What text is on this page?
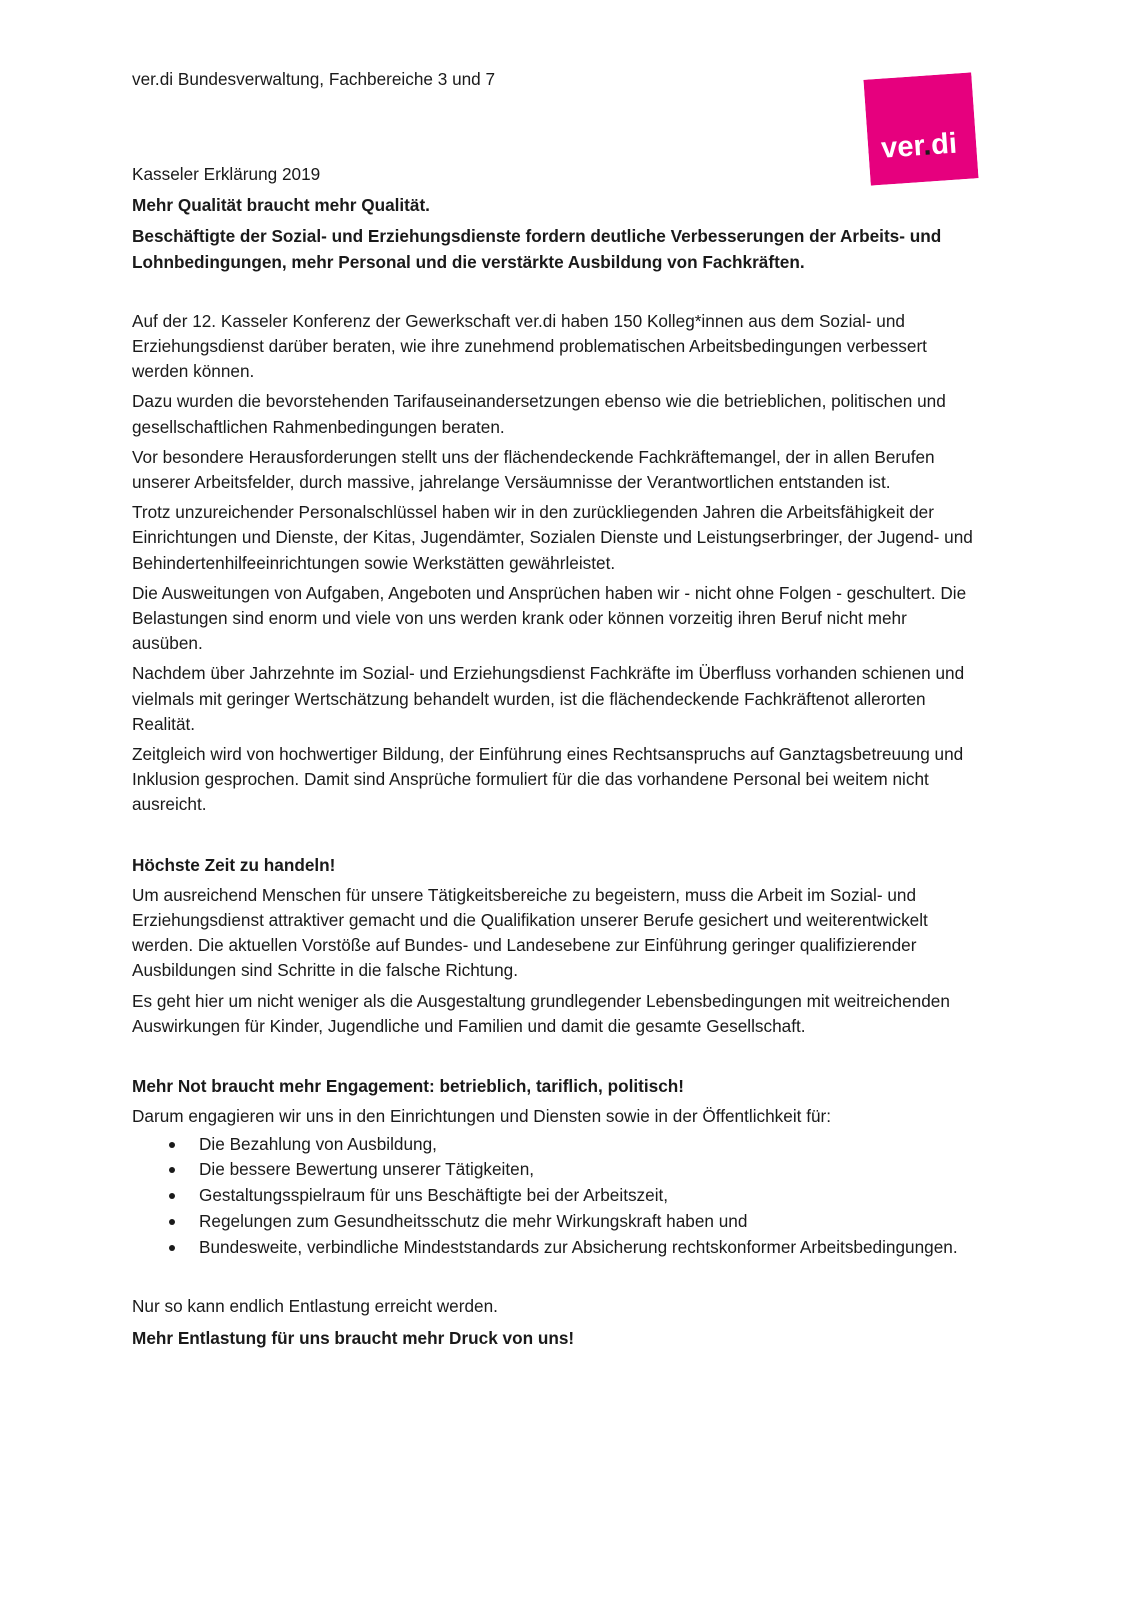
ver.di Bundesverwaltung, Fachbereiche 3 und 7
ver.di

Kasseler Erklärung 2019

Mehr Qualität braucht mehr Qualität.

Beschäftigte der Sozial- und Erziehungsdienste fordern deutliche Verbesserungen der Arbeits- und Lohnbedingungen, mehr Personal und die verstärkte Ausbildung von Fachkräften.

Auf der 12. Kasseler Konferenz der Gewerkschaft ver.di haben 150 Kolleg*innen aus dem Sozial- und Erziehungsdienst darüber beraten, wie ihre zunehmend problematischen Arbeitsbedingungen verbessert werden können.

Dazu wurden die bevorstehenden Tarifauseinandersetzungen ebenso wie die betrieblichen, politischen und gesellschaftlichen Rahmenbedingungen beraten.

Vor besondere Herausforderungen stellt uns der flächendeckende Fachkräftemangel, der in allen Berufen unserer Arbeitsfelder, durch massive, jahrelange Versäumnisse der Verantwortlichen entstanden ist.

Trotz unzureichender Personalschlüssel haben wir in den zurückliegenden Jahren die Arbeitsfähigkeit der Einrichtungen und Dienste, der Kitas, Jugendämter, Sozialen Dienste und Leistungserbringer, der Jugend- und Behindertenhilfeeinrichtungen sowie Werkstätten gewährleistet.

Die Ausweitungen von Aufgaben, Angeboten und Ansprüchen haben wir - nicht ohne Folgen - geschultert. Die Belastungen sind enorm und viele von uns werden krank oder können vorzeitig ihren Beruf nicht mehr ausüben.

Nachdem über Jahrzehnte im Sozial- und Erziehungsdienst Fachkräfte im Überfluss vorhanden schienen und vielmals mit geringer Wertschätzung behandelt wurden, ist die flächendeckende Fachkräftenot allerorten Realität.

Zeitgleich wird von hochwertiger Bildung, der Einführung eines Rechtsanspruchs auf Ganztagsbetreuung und Inklusion gesprochen. Damit sind Ansprüche formuliert für die das vorhandene Personal bei weitem nicht ausreicht.

Höchste Zeit zu handeln!

Um ausreichend Menschen für unsere Tätigkeitsbereiche zu begeistern, muss die Arbeit im Sozial- und Erziehungsdienst attraktiver gemacht und die Qualifikation unserer Berufe gesichert und weiterentwickelt werden. Die aktuellen Vorstöße auf Bundes- und Landesebene zur Einführung geringer qualifizierender Ausbildungen sind Schritte in die falsche Richtung.

Es geht hier um nicht weniger als die Ausgestaltung grundlegender Lebensbedingungen mit weitreichenden Auswirkungen für Kinder, Jugendliche und Familien und damit die gesamte Gesellschaft.

Mehr Not braucht mehr Engagement: betrieblich, tariflich, politisch!

Darum engagieren wir uns in den Einrichtungen und Diensten sowie in der Öffentlichkeit für:

Die Bezahlung von Ausbildung,
Die bessere Bewertung unserer Tätigkeiten,
Gestaltungsspielraum für uns Beschäftigte bei der Arbeitszeit,
Regelungen zum Gesundheitsschutz die mehr Wirkungskraft haben und
Bundesweite, verbindliche Mindeststandards zur Absicherung rechtskonformer Arbeitsbedingungen.

Nur so kann endlich Entlastung erreicht werden.

Mehr Entlastung für uns braucht mehr Druck von uns!
